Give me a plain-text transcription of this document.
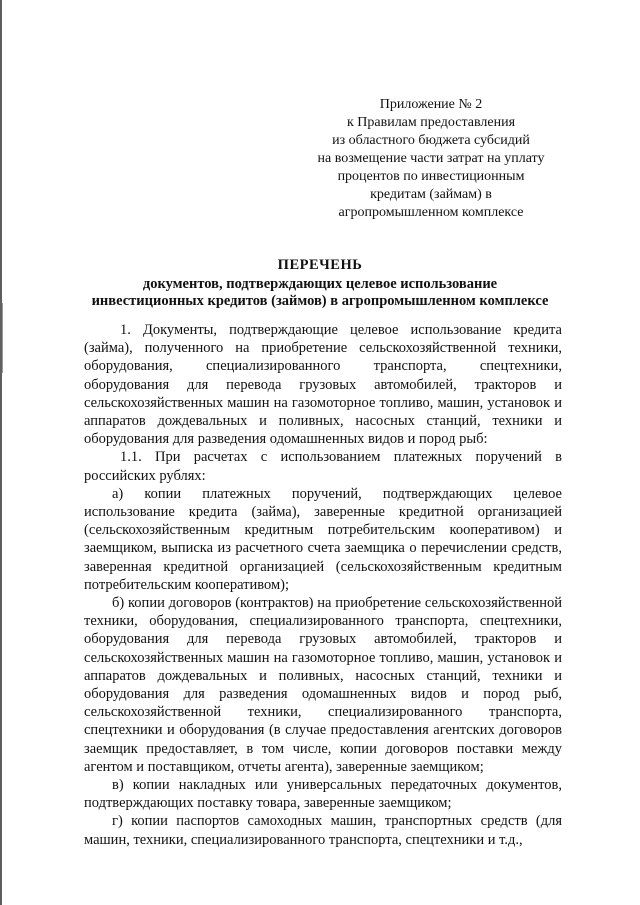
Приложение № 2
к Правилам предоставления
из областного бюджета субсидий
на возмещение части затрат на уплату
процентов по инвестиционным
кредитам (займам) в
агропромышленном комплексе
ПЕРЕЧЕНЬ
документов, подтверждающих целевое использование
инвестиционных кредитов (займов) в агропромышленном комплексе

1. Документы, подтверждающие целевое использование кредита (займа), полученного на приобретение сельскохозяйственной техники, оборудования, специализированного транспорта, спецтехники, оборудования для перевода грузовых автомобилей, тракторов и сельскохозяйственных машин на газомоторное топливо, машин, установок и аппаратов дождевальных и поливных, насосных станций, техники и оборудования для разведения одомашненных видов и пород рыб:

1.1. При расчетах с использованием платежных поручений в российских рублях:

а) копии платежных поручений, подтверждающих целевое использование кредита (займа), заверенные кредитной организацией (сельскохозяйственным кредитным потребительским кооперативом) и заемщиком, выписка из расчетного счета заемщика о перечислении средств, заверенная кредитной организацией (сельскохозяйственным кредитным потребительским кооперативом);

б) копии договоров (контрактов) на приобретение сельскохозяйственной техники, оборудования, специализированного транспорта, спецтехники, оборудования для перевода грузовых автомобилей, тракторов и сельскохозяйственных машин на газомоторное топливо, машин, установок и аппаратов дождевальных и поливных, насосных станций, техники и оборудования для разведения одомашненных видов и пород рыб, сельскохозяйственной техники, специализированного транспорта, спецтехники и оборудования (в случае предоставления агентских договоров заемщик предоставляет, в том числе, копии договоров поставки между агентом и поставщиком, отчеты агента), заверенные заемщиком;

в) копии накладных или универсальных передаточных документов, подтверждающих поставку товара, заверенные заемщиком;

г) копии паспортов самоходных машин, транспортных средств (для машин, техники, специализированного транспорта, спецтехники и т.д.,
